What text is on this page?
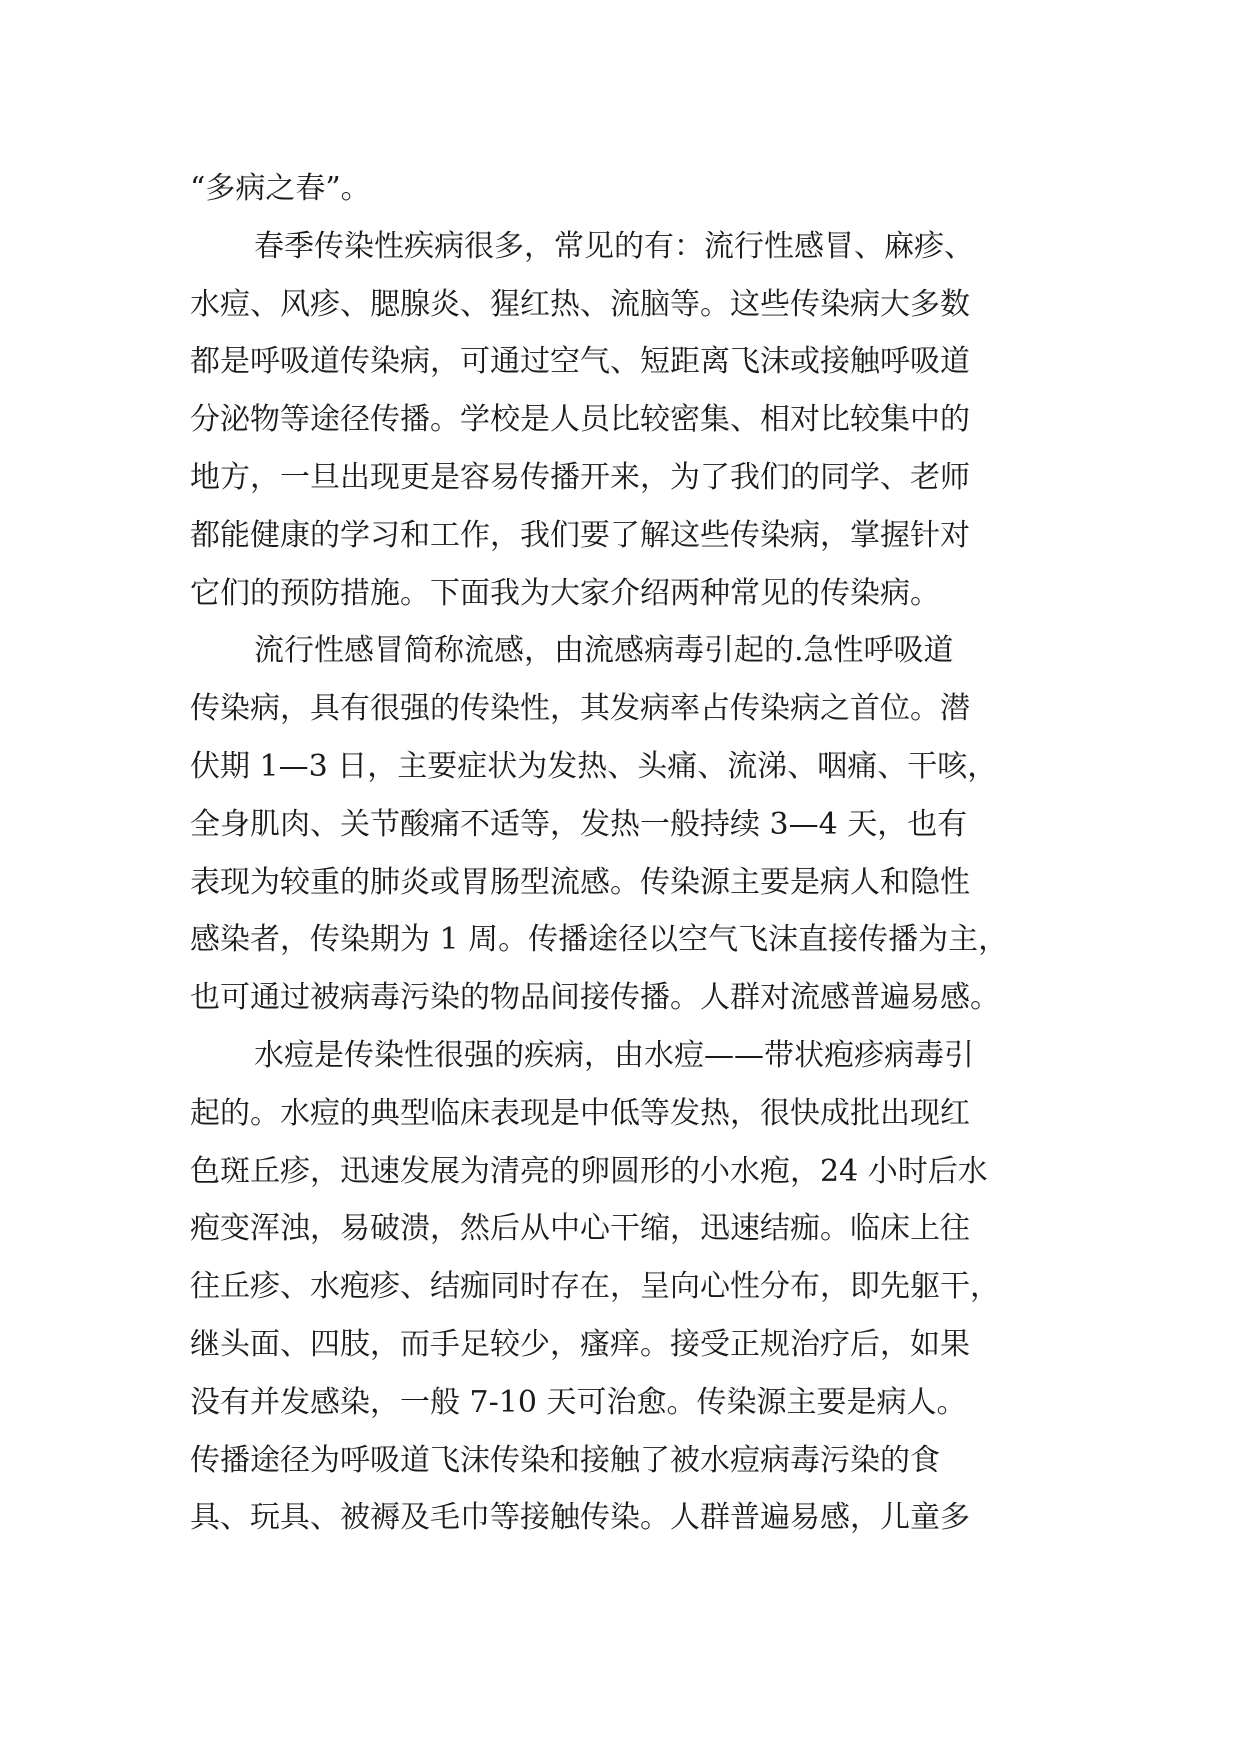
“多病之春”。
春季传染性疾病很多，常见的有：流行性感冒、麻疹、
水痘、风疹、腮腺炎、猩红热、流脑等。这些传染病大多数
都是呼吸道传染病，可通过空气、短距离飞沫或接触呼吸道
分泌物等途径传播。学校是人员比较密集、相对比较集中的
地方，一旦出现更是容易传播开来，为了我们的同学、老师
都能健康的学习和工作，我们要了解这些传染病，掌握针对
它们的预防措施。下面我为大家介绍两种常见的传染病。
流行性感冒简称流感，由流感病毒引起的.急性呼吸道
传染病，具有很强的传染性，其发病率占传染病之首位。潜
伏期 1—3 日，主要症状为发热、头痛、流涕、咽痛、干咳，
全身肌肉、关节酸痛不适等，发热一般持续 3—4 天，也有
表现为较重的肺炎或胃肠型流感。传染源主要是病人和隐性
感染者，传染期为 1 周。传播途径以空气飞沫直接传播为主，
也可通过被病毒污染的物品间接传播。人群对流感普遍易感。
水痘是传染性很强的疾病，由水痘——带状疱疹病毒引
起的。水痘的典型临床表现是中低等发热，很快成批出现红
色斑丘疹，迅速发展为清亮的卵圆形的小水疱，24 小时后水
疱变浑浊，易破溃，然后从中心干缩，迅速结痂。临床上往
往丘疹、水疱疹、结痂同时存在，呈向心性分布，即先躯干，
继头面、四肢，而手足较少，瘙痒。接受正规治疗后，如果
没有并发感染，一般 7-10 天可治愈。传染源主要是病人。
传播途径为呼吸道飞沫传染和接触了被水痘病毒污染的食
具、玩具、被褥及毛巾等接触传染。人群普遍易感，儿童多
